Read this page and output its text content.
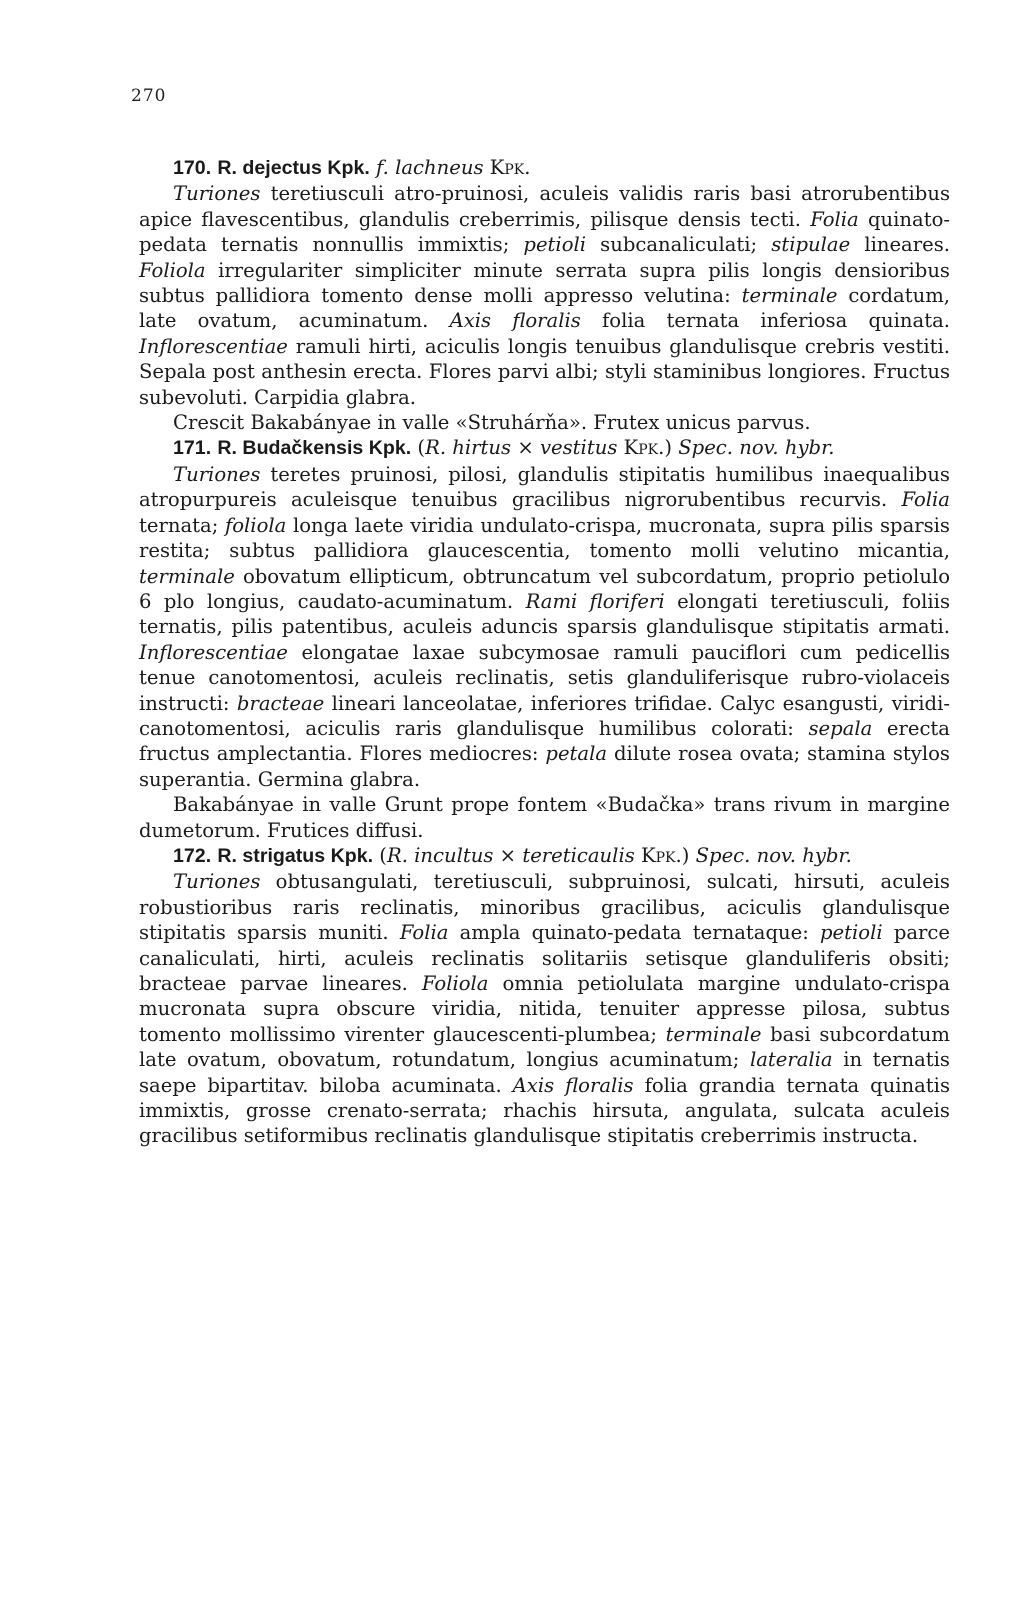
270

170. R. dejectus Kpk. f. lachneus Kpk.

Turiones teretiusculi atro-pruinosi, aculeis validis raris basi atrorubentibus apice flavescentibus, glandulis creberrimis, pilisque densis tecti. Folia quinato-pedata ternatis nonnullis immixtis; petioli subcanaliculati; stipulae lineares. Foliola irregulariter simpliciter minute serrata supra pilis longis densioribus subtus pallidiora tomento dense molli appresso velutina: terminale cordatum, late ovatum, acuminatum. Axis floralis folia ternata inferiosa quinata. Inflorescentiae ramuli hirti, aciculis longis tenuibus glandulisque crebris vestiti. Sepala post anthesin erecta. Flores parvi albi; styli staminibus longiores. Fructus subevoluti. Carpidia glabra.

Crescit Bakabányae in valle «Struhárňa». Frutex unicus parvus.

171. R. Budačkensis Kpk. (R. hirtus × vestitus Kpk.) Spec. nov. hybr.

Turiones teretes pruinosi, pilosi, glandulis stipitatis humilibus inaequalibus atropurpureis aculeisque tenuibus gracilibus nigrorubentibus recurvis. Folia ternata; foliola longa laete viridia undulato-crispa, mucronata, supra pilis sparsis restita; subtus pallidiora glaucescentia, tomento molli velutino micantia, terminale obovatum ellipticum, obtruncatum vel subcordatum, proprio petiolulo 6 plo longius, caudato-acuminatum. Rami floriferi elongati teretiusculi, foliis ternatis, pilis patentibus, aculeis aduncis sparsis glandulisque stipitatis armati. Inflorescentiae elongatae laxae subcymosae ramuli pauciflori cum pedicellis tenue canotomentosi, aculeis reclinatis, setis glanduliferisque rubro-violaceis instructi: bracteae lineari lanceolatae, inferiores trifidae. Calyc esangusti, viridi-canotomentosi, aciculis raris glandulisque humilibus colorati: sepala erecta fructus amplectantia. Flores mediocres: petala dilute rosea ovata; stamina stylos superantia. Germina glabra.

Bakabányae in valle Grunt prope fontem «Budačka» trans rivum in margine dumetorum. Frutices diffusi.

172. R. strigatus Kpk. (R. incultus × tereticaulis Kpk.) Spec. nov. hybr.

Turiones obtusangulati, teretiusculi, subpruinosi, sulcati, hirsuti, aculeis robustioribus raris reclinatis, minoribus gracilibus, aciculis glandulisque stipitatis sparsis muniti. Folia ampla quinato-pedata ternataque: petioli parce canaliculati, hirti, aculeis reclinatis solitariis setisque glanduliferis obsiti; bracteae parvae lineares. Foliola omnia petiolulata margine undulato-crispa mucronata supra obscure viridia, nitida, tenuiter appresse pilosa, subtus tomento mollissimo virenter glaucescenti-plumbea; terminale basi subcordatum late ovatum, obovatum, rotundatum, longius acuminatum; lateralia in ternatis saepe bipartitav. biloba acuminata. Axis floralis folia grandia ternata quinatis immixtis, grosse crenato-serrata; rhachis hirsuta, angulata, sulcata aculeis gracilibus setiformibus reclinatis glandulisque stipitatis creberrimis instructa.
